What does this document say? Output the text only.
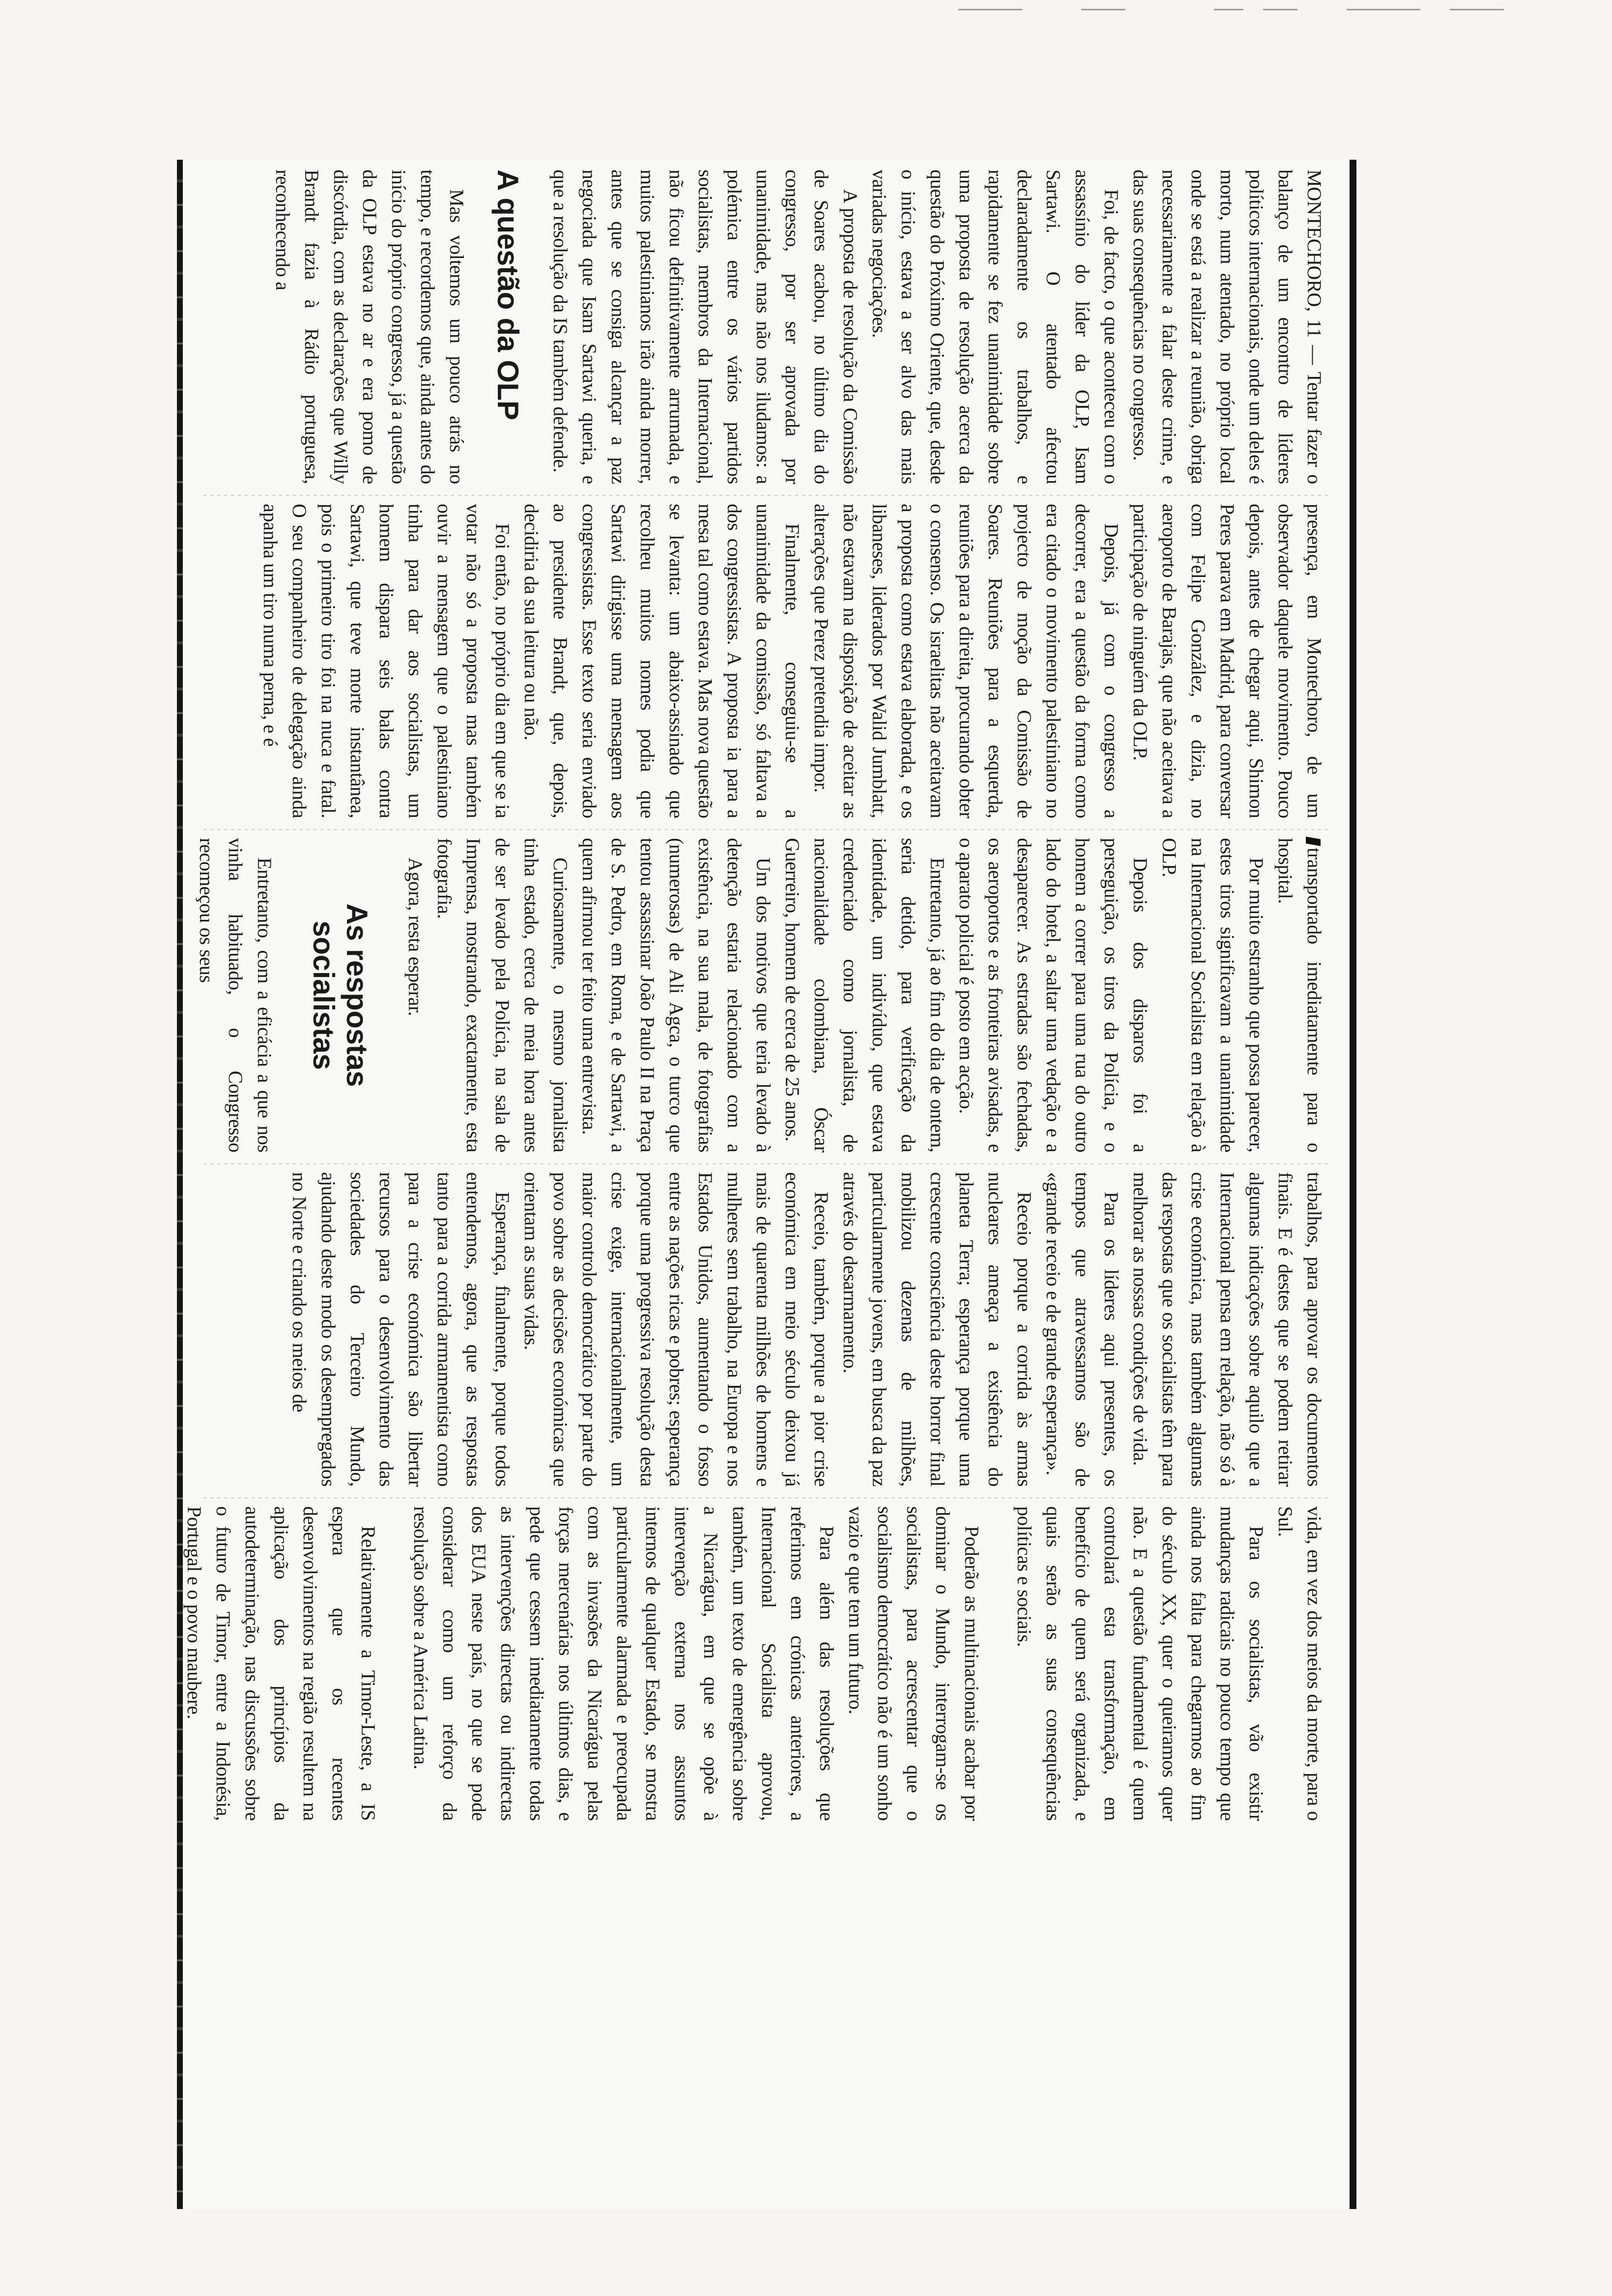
MONTECHORO, 11 — Tentar fazer o balanço de um encontro de líderes políticos internacionais, onde um deles é morto, num atentado, no próprio local onde se está a realizar a reunião, obriga necessariamente a falar deste crime, e das suas consequências no congresso.

Foi, de facto, o que aconteceu com o assassínio do líder da OLP, Isam Sartawi. O atentado afectou declaradamente os trabalhos, e rapidamente se fez unanimidade sobre uma proposta de resolução acerca da questão do Próximo Oriente, que, desde o início, estava a ser alvo das mais variadas negociações.

A proposta de resolução da Comissão de Soares acabou, no último dia do congresso, por ser aprovada por unanimidade, mas não nos iludamos: a polémica entre os vários partidos socialistas, membros da Internacional, não ficou definitivamente arrumada, e muitos palestinianos irão ainda morrer, antes que se consiga alcançar a paz negociada que Isam Sartawi queria, e que a resolução da IS também defende.

A questão da OLP

Mas voltemos um pouco atrás no tempo, e recordemos que, ainda antes do início do próprio congresso, já a questão da OLP estava no ar e era pomo de discórdia, com as declarações que Willy Brandt fazia à Rádio portuguesa, reconhecendo a

presença, em Montechoro, de um observador daquele movimento. Pouco depois, antes de chegar aqui, Shimon Peres parava em Madrid, para conversar com Felipe González, e dizia, no aeroporto de Barajas, que não aceitava a participação de ninguém da OLP.

Depois, já com o congresso a decorrer, era a questão da forma como era citado o movimento palestiniano no projecto de moção da Comissão de Soares. Reuniões para a esquerda, reuniões para a direita, procurando obter o consenso. Os israelitas não aceitavam a proposta como estava elaborada, e os libaneses, liderados por Walid Jumblatt, não estavam na disposição de aceitar as alterações que Perez pretendia impor.

Finalmente, conseguiu-se a unanimidade da comissão, só faltava a dos congressistas. A proposta ia para a mesa tal como estava. Mas nova questão se levanta: um abaixo-assinado que recolheu muitos nomes podia que Sartawi dirigisse uma mensagem aos congressistas. Esse texto seria enviado ao presidente Brandt, que, depois, decidiria da sua leitura ou não.

Foi então, no próprio dia em que se ia votar não só a proposta mas também ouvir a mensagem que o palestiniano tinha para dar aos socialistas, um homem dispara seis balas contra Sartawi, que teve morte instantânea, pois o primeiro tiro foi na nuca e fatal. O seu companheiro de delegação ainda apanha um tiro numa perna, e é

transportado imediatamente para o hospital.

Por muito estranho que possa parecer, estes tiros significavam a unanimidade na Internacional Socialista em relação à OLP.

Depois dos disparos foi a perseguição, os tiros da Polícia, e o homem a correr para uma rua do outro lado do hotel, a saltar uma vedação e a desaparecer. As estradas são fechadas, os aeroportos e as fronteiras avisadas, e o aparato policial é posto em acção.

Entretanto, já ao fim do dia de ontem, seria detido, para verificação da identidade, um indivíduo, que estava credenciado como jornalista, de nacionalidade colombiana, Óscar Guerreiro, homem de cerca de 25 anos.

Um dos motivos que teria levado à detenção estaria relacionado com a existência, na sua mala, de fotografias (numerosas) de Ali Agca, o turco que tentou assassinar João Paulo II na Praça de S. Pedro, em Roma, e de Sartawi, a quem afirmou ter feito uma entrevista.

Curiosamente, o mesmo jornalista tinha estado, cerca de meia hora antes de ser levado pela Polícia, na sala de Imprensa, mostrando, exactamente, esta fotografia.

Agora, resta esperar.

As respostas socialistas

Entretanto, com a eficácia a que nos vinha habituado, o Congresso recomeçou os seus

trabalhos, para aprovar os documentos finais. E é destes que se podem retirar algumas indicações sobre aquilo que a Internacional pensa em relação, não só à crise económica, mas também algumas das respostas que os socialistas têm para melhorar as nossas condições de vida.

Para os líderes aqui presentes, os tempos que atravessamos são de «grande receio e de grande esperança».

Receio porque a corrida às armas nucleares ameaça a existência do planeta Terra; esperança porque uma crescente consciência deste horror final mobilizou dezenas de milhões, particularmente jovens, em busca da paz através do desarmamento.

Receio, também, porque a pior crise económica em meio século deixou já mais de quarenta milhões de homens e mulheres sem trabalho, na Europa e nos Estados Unidos, aumentando o fosso entre as nações ricas e pobres; esperança porque uma progressiva resolução desta crise exige, internacionalmente, um maior controlo democrático por parte do povo sobre as decisões económicas que orientam as suas vidas.

Esperança, finalmente, porque todos entendemos, agora, que as respostas tanto para a corrida armamentista como para a crise económica são libertar recursos para o desenvolvimento das sociedades do Terceiro Mundo, ajudando deste modo os desempregados no Norte e criando os meios de

vida, em vez dos meios da morte, para o Sul.

Para os socialistas, vão existir mudanças radicais no pouco tempo que ainda nos falta para chegarmos ao fim do século XX, quer o queiramos quer não. E a questão fundamental é quem controlará esta transformação, em benefício de quem será organizada, e quais serão as suas consequências políticas e sociais.

Poderão as multinacionais acabar por dominar o Mundo, interrogam-se os socialistas, para acrescentar que o socialismo democrático não é um sonho vazio e que tem um futuro.

Para além das resoluções que referimos em crónicas anteriores, a Internacional Socialista aprovou, também, um texto de emergência sobre a Nicarágua, em que se opõe à intervenção externa nos assuntos internos de qualquer Estado, se mostra particularmente alarmada e preocupada com as invasões da Nicarágua pelas forças mercenárias nos últimos dias, e pede que cessem imediatamente todas as intervenções directas ou indirectas dos EUA neste país, no que se pode considerar como um reforço da resolução sobre a América Latina.

Relativamente a Timor-Leste, a IS espera que os recentes desenvolvimentos na região resultem na aplicação dos princípios da autodeterminação, nas discussões sobre o futuro de Timor, entre a Indonésia, Portugal e o povo maubere.
